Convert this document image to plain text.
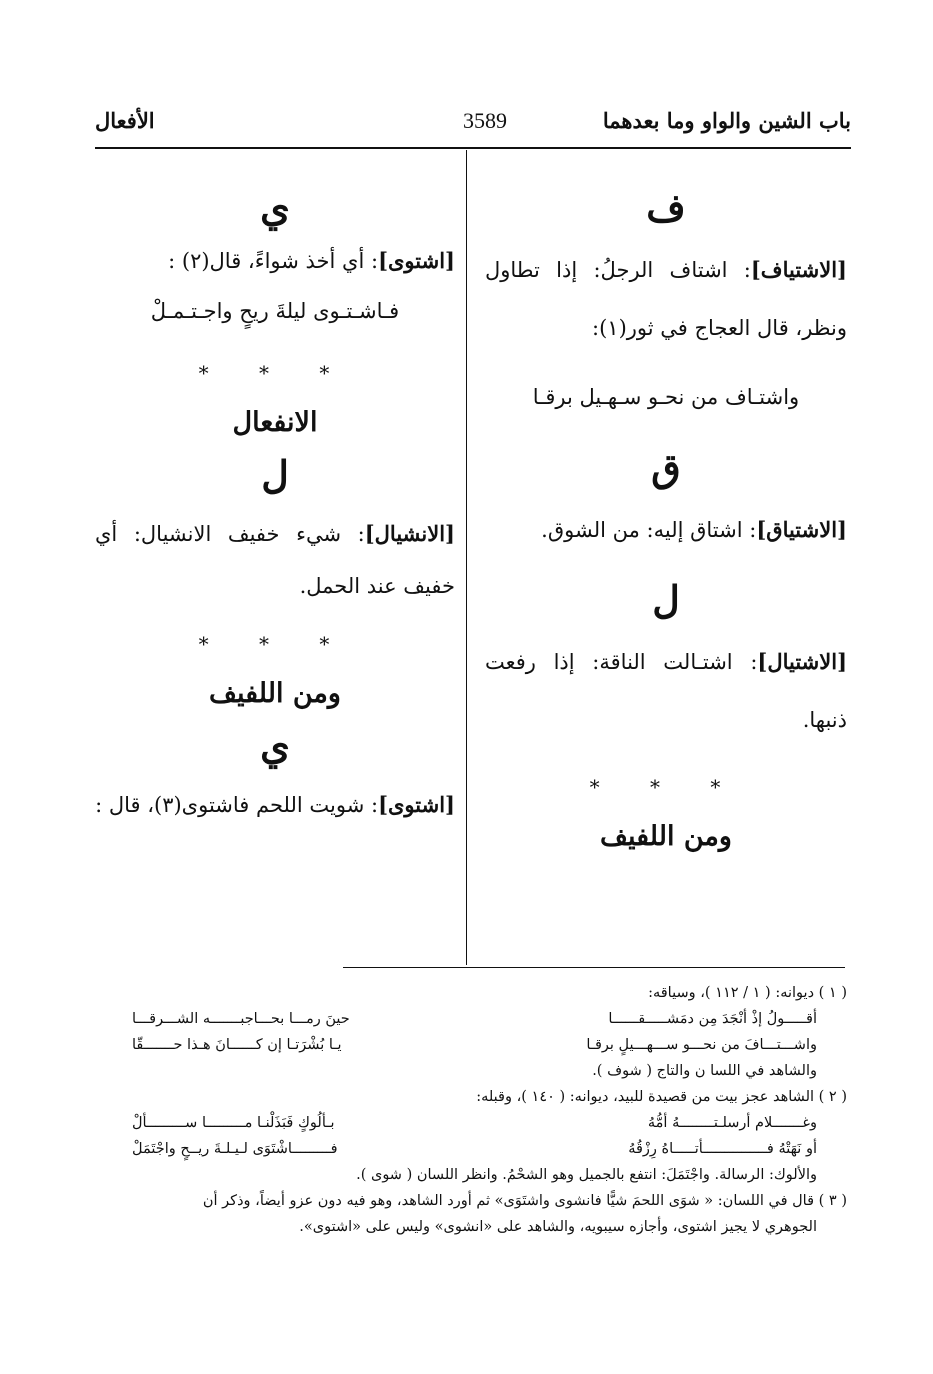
باب الشين والواو وما بعدهما
3589
الأفعال
ف
[الاشتياف]: اشتاف الرجلُ: إذا تطاول ونظر، قال العجاج في ثور(١):
واشتـاف من نحـو سـهـيل برقـا
ق
[الاشتياق]: اشتاق إليه: من الشوق.
ل
[الاشتيال]: اشتـالت الناقة: إذا رفعت ذنبها.
* * *
ومن اللفيف
ي
[اشتوى]: أي أخذ شواءً، قال(٢) :
فـاشـتـوى ليلةَ ريحٍ واجـتـمـلْ
* * *
الانفعال
ل
[الانشيال]: شيء خفيف الانشيال: أي خفيف عند الحمل.
* * *
ومن اللفيف
ي
[اشتوى]: شويت اللحم فاشتوى(٣)، قال :

( ١ ) ديوانه: ( ١ / ١١٢ )، وسياقه:

أقـــــولُ إذْ أنْجَدَ مِن دمَشـــــقــــــا
حينَ رمـــا بحـــاجبـــــــه الشـــرقـــا
واشـــتـــافَ من نحـــو ســـهـــيلٍ برقـا
يـا بُشْرَتـا إن كــــــانَ هـذا حـــــــقّا

والشاهد في اللسا ن والتاج ( شوف ).

( ٢ ) الشاهد عجز بيت من قصيدة للبيد، ديوانه: ( ١٤٠ )، وقبله:

وغـــــــلام أرسلـتــــــــهُ أمُّهُ
بـألُوكٍ فَبَذَلْنـا مـــــــــا ســـــــــألْ
أو نَهَتْهُ فـــــــــــــــأتـــــاهُ رِزْقُهُ
فـــــــــاشْتَوَى لـيـلـةَ ريــحٍ واجْتَمَلْ

والألوك: الرسالة. واجْتَمَلَ: انتفع بالجميل وهو الشحْمُ. وانظر اللسان ( شوى ).

( ٣ ) قال في اللسان: « شوَى اللحمَ شيًّا فانشوى واشتَوَى» ثم أورد الشاهد، وهو فيه دون عزو أيضاً، وذكر أن

الجوهري لا يجيز اشتوى، وأجازه سيبويه، والشاهد على «انشوى» وليس على «اشتوى».
